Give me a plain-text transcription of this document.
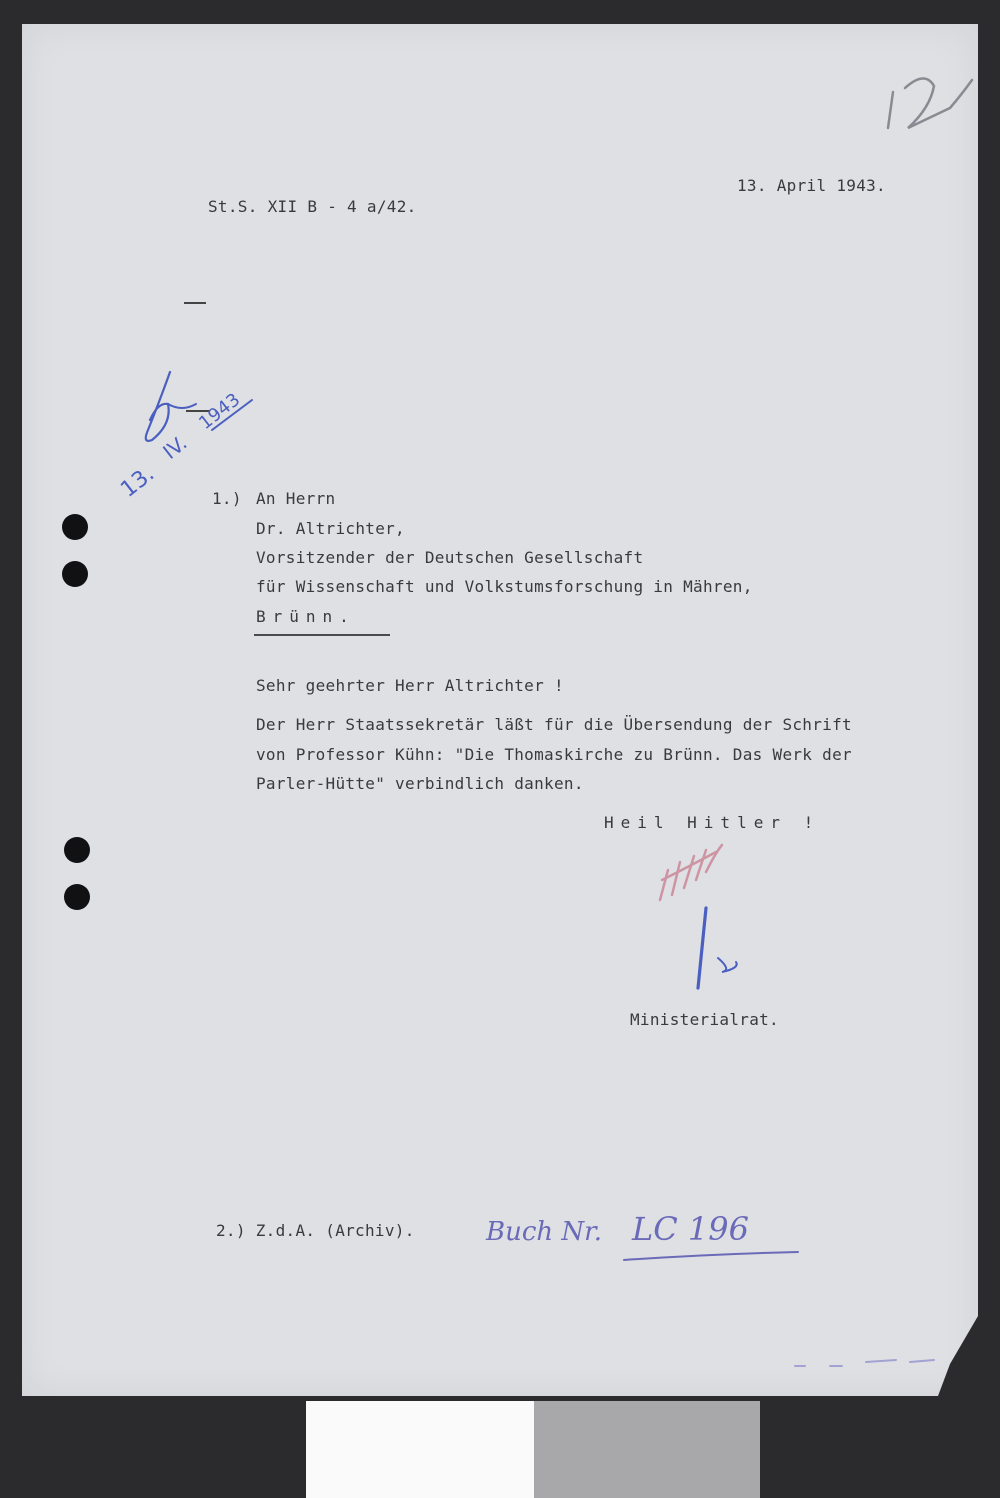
St.S. XII B - 4 a/42.
13. April 1943.
1.) An Herrn
Dr. Altrichter,
Vorsitzender der Deutschen Gesellschaft
für Wissenschaft und Volkstumsforschung in Mähren,
Brünn.
Sehr geehrter Herr Altrichter !
Der Herr Staatssekretär läßt für die Übersendung der Schrift
von Professor Kühn: "Die Thomaskirche zu Brünn. Das Werk der
Parler-Hütte" verbindlich danken.
Heil Hitler !
Ministerialrat.
2.) Z.d.A. (Archiv).
13.
IV.
1943
Buch Nr. LC 196
